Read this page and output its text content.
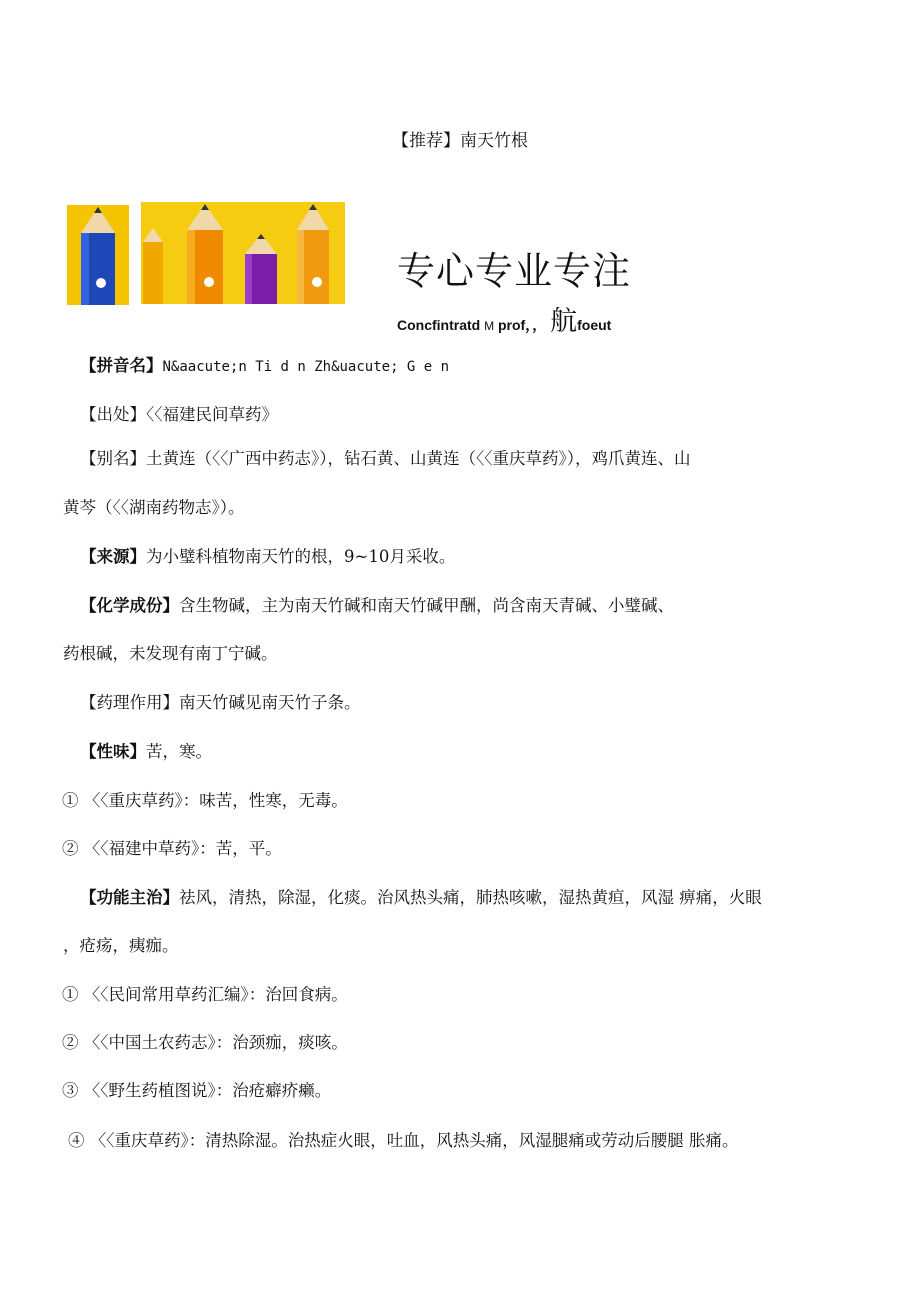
【推荐】南天竹根
专心专业专注
Concfintratd M prof，， 航foeut
【拼音名】N&aacute;n Ti d n Zh&uacute; G e n
【出处】〈〈福建民间草药》
【别名】土黄连（〈〈广西中药志》），钻石黄、山黄连（〈〈重庆草药》），鸡爪黄连、山
黄芩（〈〈湖南药物志》）。
【来源】为小璧科植物南天竹的根，9~10月采收。
【化学成份】含生物碱，主为南天竹碱和南天竹碱甲酬，尚含南天青碱、小璧碱、
药根碱，未发现有南丁宁碱。
【药理作用】南天竹碱见南天竹子条。
【性味】苦，寒。
① 〈〈重庆草药》：味苦，性寒，无毒。
② 〈〈福建中草药》：苦，平。
【功能主治】祛风，清热，除湿，化痰。治风热头痛，肺热咳嗽，湿热黄疸，风湿 痹痛，火眼
，疮疡，痍痂。
① 〈〈民间常用草药汇编》：治回食病。
② 〈〈中国土农药志》：治颈痂，痰咳。
③ 〈〈野生药植图说》：治疮癖疥癞。
④ 〈〈重庆草药》：清热除湿。治热症火眼，吐血，风热头痛，风湿腿痛或劳动后腰腿 胀痛。
